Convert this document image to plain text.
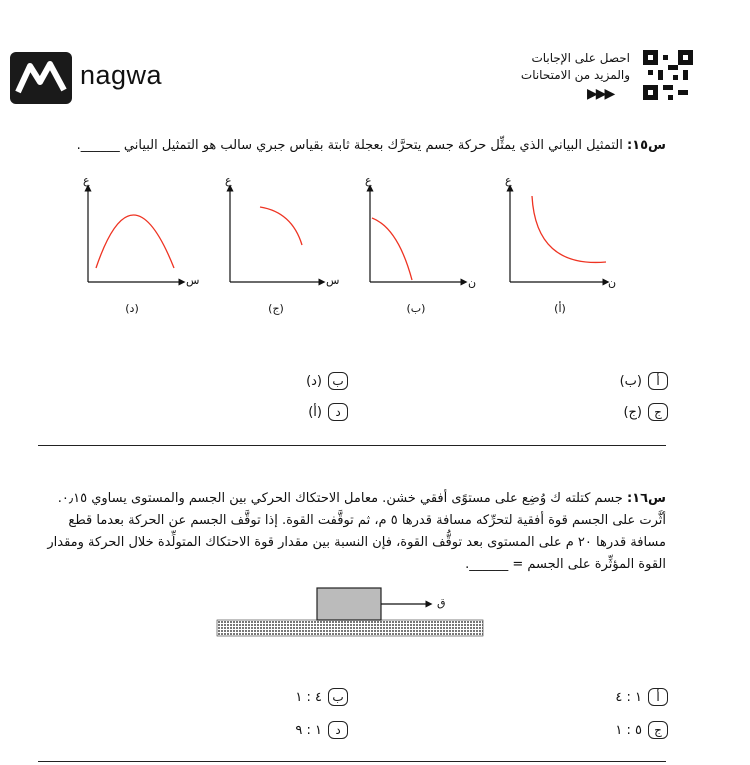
nagwa
احصل على الإجابات
والمزيد من الامتحانات
▶▶▶
س١٥: التمثيل البياني الذي يمثِّل حركة جسم يتحرَّك بعجلة ثابتة بقياس جبري سالب هو التمثيل البياني ______.
ع
س
ع
س
ع
ن
ع
ن
(د)	(ج)	(ب)	(أ)
أ
(ب)
ب
(د)
ج
(ج)
د
(أ)
س١٦: جسم كتلته ك وُضِع على مستوًى أفقي خشن. معامل الاحتكاك الحركي بين الجسم والمستوى يساوي ٠٫١٥.
أثَّرت على الجسم قوة أفقية لتحرِّكه مسافة قدرها ٥ م، ثم توقَّفت القوة. إذا توقَّف الجسم عن الحركة بعدما قطع
مسافة قدرها ٢٠ م على المستوى بعد توقُّف القوة، فإن النسبة بين مقدار قوة الاحتكاك المتولِّدة خلال الحركة ومقدار
القوة المؤثِّرة على الجسم = ______.
ق
أ
١ : ٤
ب
٤ : ١
ج
٥ : ١
د
١ : ٩
